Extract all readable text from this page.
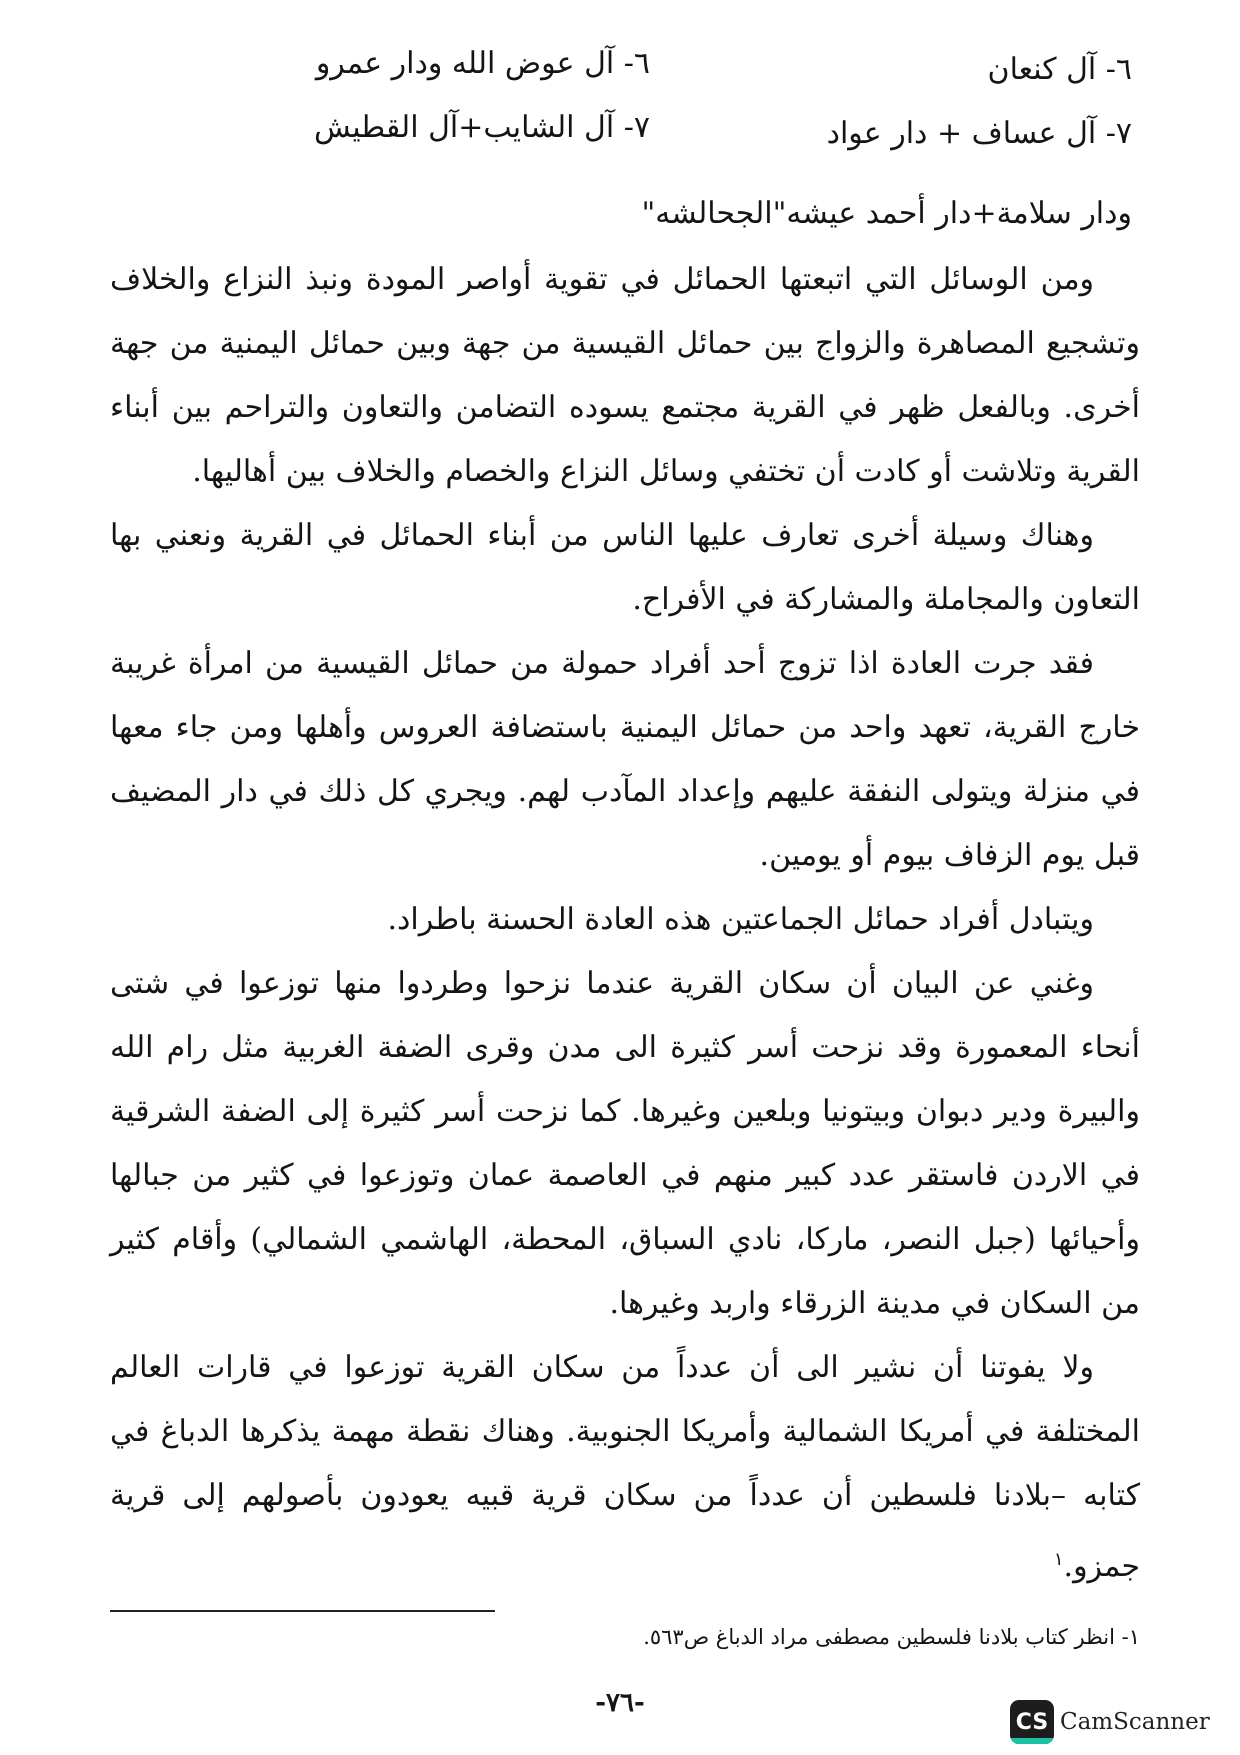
٦- آل كنعان
٦- آل عوض الله ودار عمرو
٧- آل عساف + دار عواد
٧- آل الشايب+آل القطيش
ودار سلامة+دار أحمد عيشه"الجحالشه"

ومن الوسائل التي اتبعتها الحمائل في تقوية أواصر المودة ونبذ النزاع والخلاف وتشجيع المصاهرة والزواج بين حمائل القيسية من جهة وبين حمائل اليمنية من جهة أخرى. وبالفعل ظهر في القرية مجتمع يسوده التضامن والتعاون والتراحم بين أبناء القرية وتلاشت أو كادت أن تختفي وسائل النزاع والخصام والخلاف بين أهاليها.

وهناك وسيلة أخرى تعارف عليها الناس من أبناء الحمائل في القرية ونعني بها التعاون والمجاملة والمشاركة في الأفراح.

فقد جرت العادة اذا تزوج أحد أفراد حمولة من حمائل القيسية من امرأة غريبة خارج القرية، تعهد واحد من حمائل اليمنية باستضافة العروس وأهلها ومن جاء معها في منزلة ويتولى النفقة عليهم وإعداد المآدب لهم. ويجري كل ذلك في دار المضيف قبل يوم الزفاف بيوم أو يومين.

ويتبادل أفراد حمائل الجماعتين هذه العادة الحسنة باطراد.

وغني عن البيان أن سكان القرية عندما نزحوا وطردوا منها توزعوا في شتى أنحاء المعمورة وقد نزحت أسر كثيرة الى مدن وقرى الضفة الغربية مثل رام الله والبيرة ودير دبوان وبيتونيا وبلعين وغيرها. كما نزحت أسر كثيرة إلى الضفة الشرقية في الاردن فاستقر عدد كبير منهم في العاصمة عمان وتوزعوا في كثير من جبالها وأحيائها (جبل النصر، ماركا، نادي السباق، المحطة، الهاشمي الشمالي) وأقام كثير من السكان في مدينة الزرقاء واربد وغيرها.

ولا يفوتنا أن نشير الى أن عدداً من سكان القرية توزعوا في قارات العالم المختلفة في أمريكا الشمالية وأمريكا الجنوبية. وهناك نقطة مهمة يذكرها الدباغ في كتابه –بلادنا فلسطين أن عدداً من سكان قرية قبيه يعودون بأصولهم إلى قرية جمزو.$^١$

١- انظر كتاب بلادنا فلسطين مصطفى مراد الدباغ ص٥٦٣.
-٧٦-
CS CamScanner
